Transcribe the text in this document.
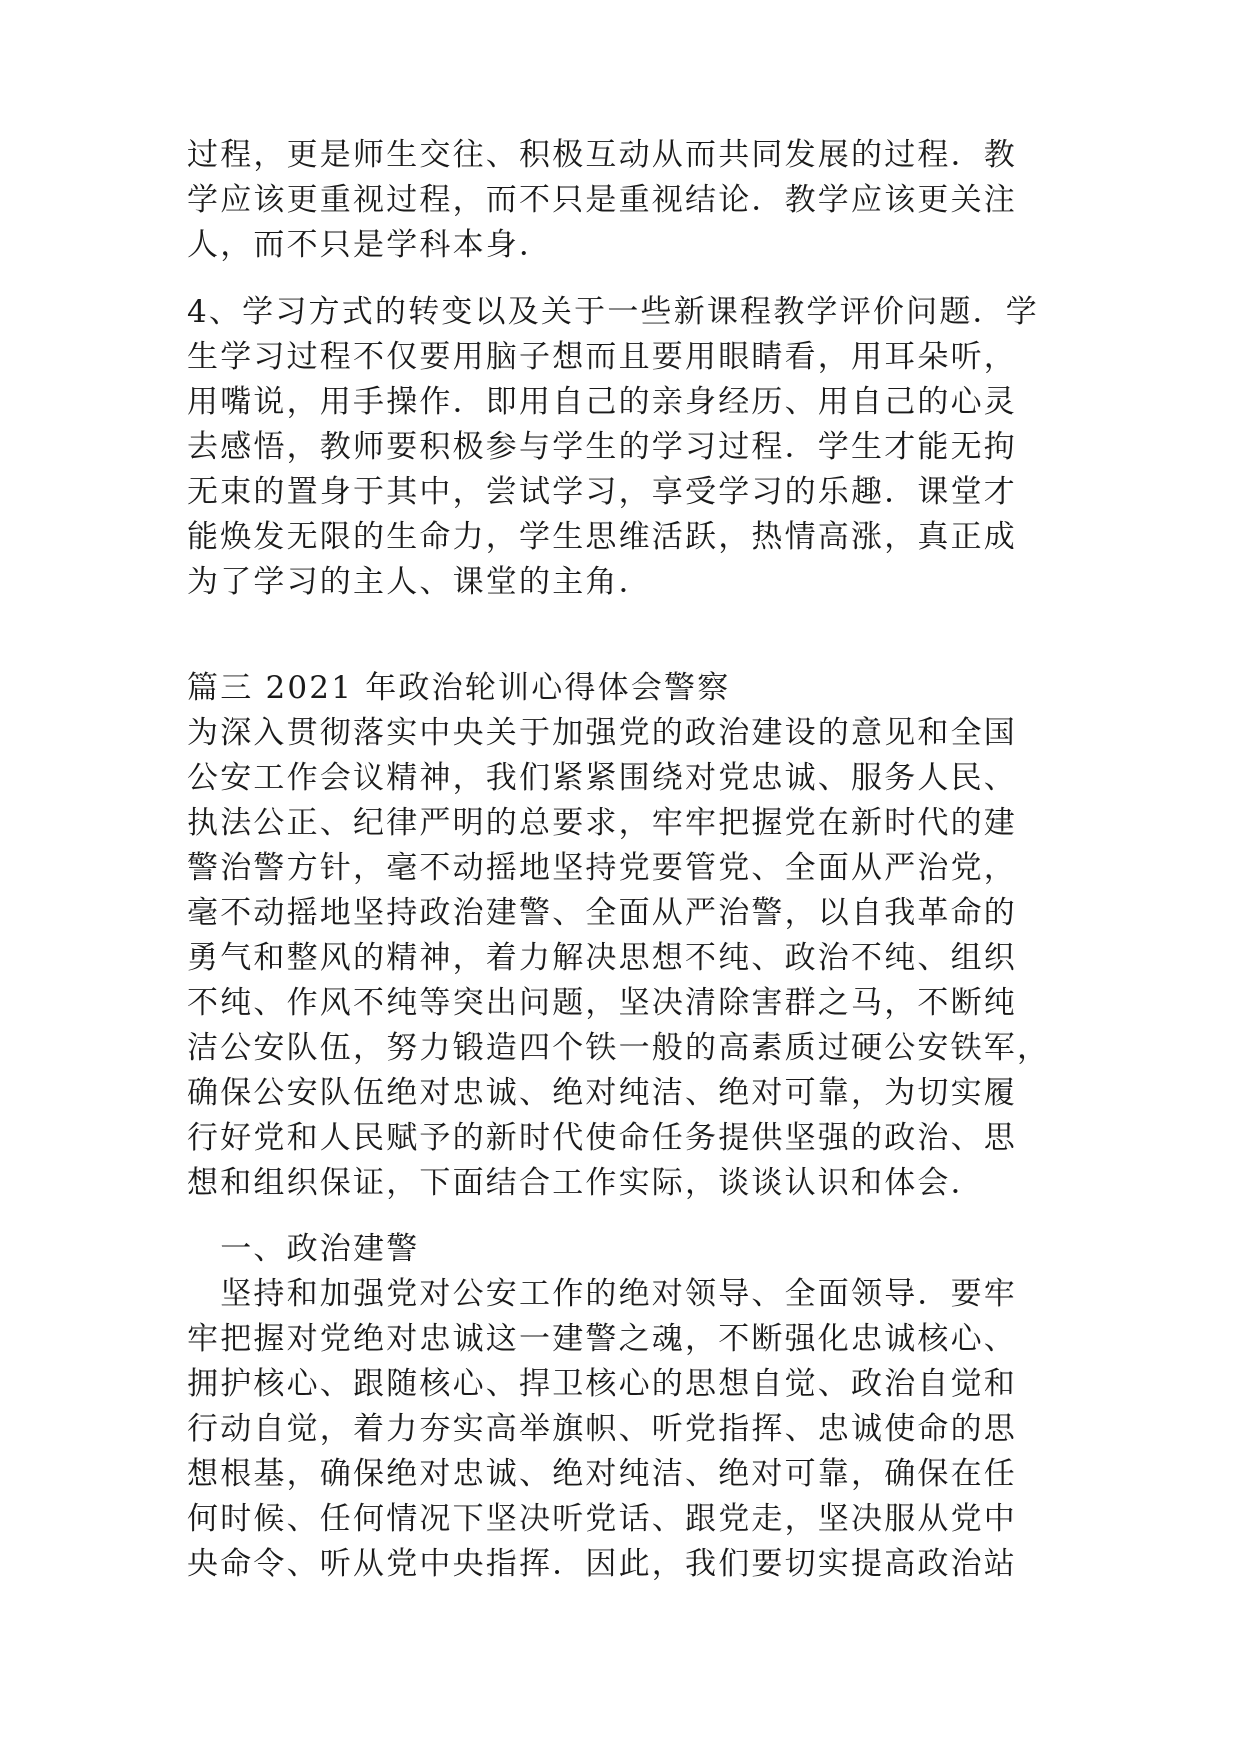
过程，更是师生交往、积极互动从而共同发展的过程．教
学应该更重视过程，而不只是重视结论．教学应该更关注
人，而不只是学科本身．
4、学习方式的转变以及关于一些新课程教学评价问题．学
生学习过程不仅要用脑子想而且要用眼睛看，用耳朵听，
用嘴说，用手操作．即用自己的亲身经历、用自己的心灵
去感悟，教师要积极参与学生的学习过程．学生才能无拘
无束的置身于其中，尝试学习，享受学习的乐趣．课堂才
能焕发无限的生命力，学生思维活跃，热情高涨，真正成
为了学习的主人、课堂的主角．
篇三 2021 年政治轮训心得体会警察
为深入贯彻落实中央关于加强党的政治建设的意见和全国
公安工作会议精神，我们紧紧围绕对党忠诚、服务人民、
执法公正、纪律严明的总要求，牢牢把握党在新时代的建
警治警方针，毫不动摇地坚持党要管党、全面从严治党，
毫不动摇地坚持政治建警、全面从严治警，以自我革命的
勇气和整风的精神，着力解决思想不纯、政治不纯、组织
不纯、作风不纯等突出问题，坚决清除害群之马，不断纯
洁公安队伍，努力锻造四个铁一般的高素质过硬公安铁军，
确保公安队伍绝对忠诚、绝对纯洁、绝对可靠，为切实履
行好党和人民赋予的新时代使命任务提供坚强的政治、思
想和组织保证，下面结合工作实际，谈谈认识和体会．
　一、政治建警
　坚持和加强党对公安工作的绝对领导、全面领导．要牢
牢把握对党绝对忠诚这一建警之魂，不断强化忠诚核心、
拥护核心、跟随核心、捍卫核心的思想自觉、政治自觉和
行动自觉，着力夯实高举旗帜、听党指挥、忠诚使命的思
想根基，确保绝对忠诚、绝对纯洁、绝对可靠，确保在任
何时候、任何情况下坚决听党话、跟党走，坚决服从党中
央命令、听从党中央指挥．因此，我们要切实提高政治站
